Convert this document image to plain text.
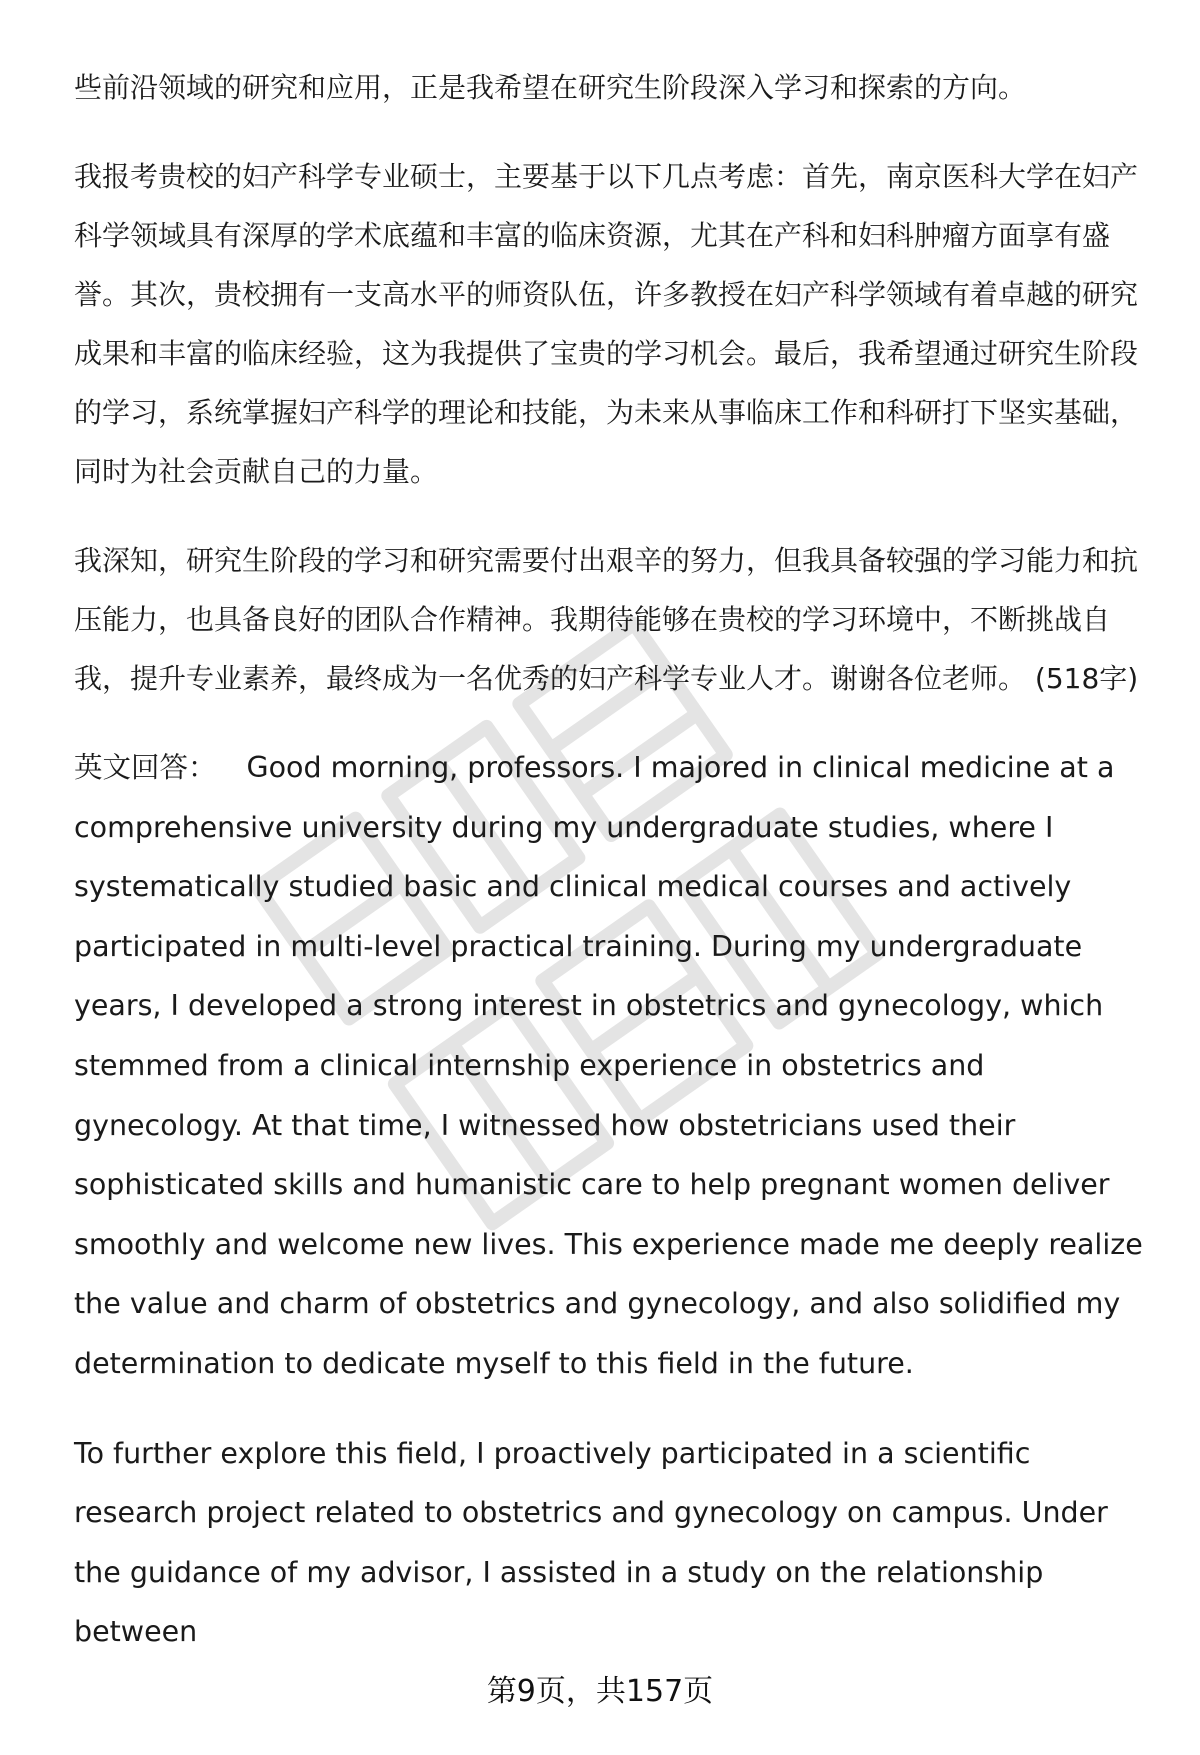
些前沿领域的研究和应用，正是我希望在研究生阶段深入学习和探索的方向。

我报考贵校的妇产科学专业硕士，主要基于以下几点考虑：首先，南京医科大学在妇产科学领域具有深厚的学术底蕴和丰富的临床资源，尤其在产科和妇科肿瘤方面享有盛誉。其次，贵校拥有一支高水平的师资队伍，许多教授在妇产科学领域有着卓越的研究成果和丰富的临床经验，这为我提供了宝贵的学习机会。最后，我希望通过研究生阶段的学习，系统掌握妇产科学的理论和技能，为未来从事临床工作和科研打下坚实基础，同时为社会贡献自己的力量。

我深知，研究生阶段的学习和研究需要付出艰辛的努力，但我具备较强的学习能力和抗压能力，也具备良好的团队合作精神。我期待能够在贵校的学习环境中，不断挑战自我，提升专业素养，最终成为一名优秀的妇产科学专业人才。谢谢各位老师。 (518字)

英文回答： Good morning, professors. I majored in clinical medicine at a comprehensive university during my undergraduate studies, where I systematically studied basic and clinical medical courses and actively participated in multi-level practical training. During my undergraduate years, I developed a strong interest in obstetrics and gynecology, which stemmed from a clinical internship experience in obstetrics and gynecology. At that time, I witnessed how obstetricians used their sophisticated skills and humanistic care to help pregnant women deliver smoothly and welcome new lives. This experience made me deeply realize the value and charm of obstetrics and gynecology, and also solidified my determination to dedicate myself to this field in the future.

To further explore this field, I proactively participated in a scientific research project related to obstetrics and gynecology on campus. Under the guidance of my advisor, I assisted in a study on the relationship between

第9页，共157页
